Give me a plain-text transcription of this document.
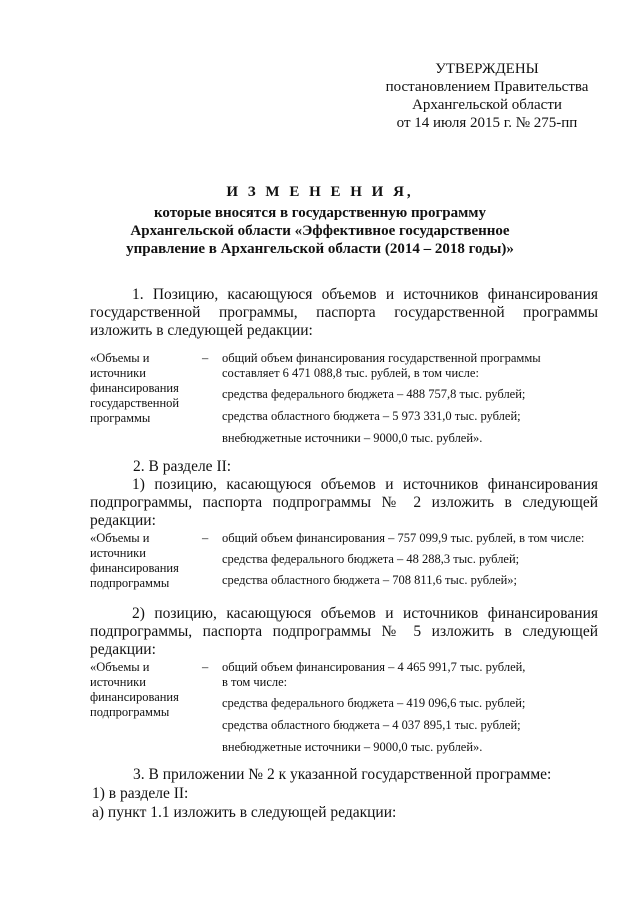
УТВЕРЖДЕНЫ
постановлением Правительства
Архангельской области
от 14 июля 2015 г. № 275-пп
И З М Е Н Е Н И Я,
которые вносятся в государственную программу
Архангельской области «Эффективное государственное
управление в Архангельской области (2014 – 2018 годы)»
1. Позицию, касающуюся объемов и источников финансирования государственной программы, паспорта государственной программы изложить в следующей редакции:
«Объемы и источники финансирования государственной программы
– общий объем финансирования государственной программы
составляет 6 471 088,8 тыс. рублей, в том числе:
средства федерального бюджета – 488 757,8 тыс. рублей;
средства областного бюджета – 5 973 331,0 тыс. рублей;
внебюджетные источники – 9000,0 тыс. рублей».
2. В разделе II:
1) позицию, касающуюся объемов и источников финансирования подпрограммы, паспорта подпрограммы № 2 изложить в следующей редакции:
«Объемы и источники финансирования подпрограммы
– общий объем финансирования – 757 099,9 тыс. рублей, в том числе:
средства федерального бюджета – 48 288,3 тыс. рублей;
средства областного бюджета – 708 811,6 тыс. рублей»;
2) позицию, касающуюся объемов и источников финансирования подпрограммы, паспорта подпрограммы № 5 изложить в следующей редакции:
«Объемы и источники финансирования подпрограммы
– общий объем финансирования – 4 465 991,7 тыс. рублей,
в том числе:
средства федерального бюджета – 419 096,6 тыс. рублей;
средства областного бюджета – 4 037 895,1 тыс. рублей;
внебюджетные источники – 9000,0 тыс. рублей».
3. В приложении № 2 к указанной государственной программе:
1) в разделе II:
а) пункт 1.1 изложить в следующей редакции:
